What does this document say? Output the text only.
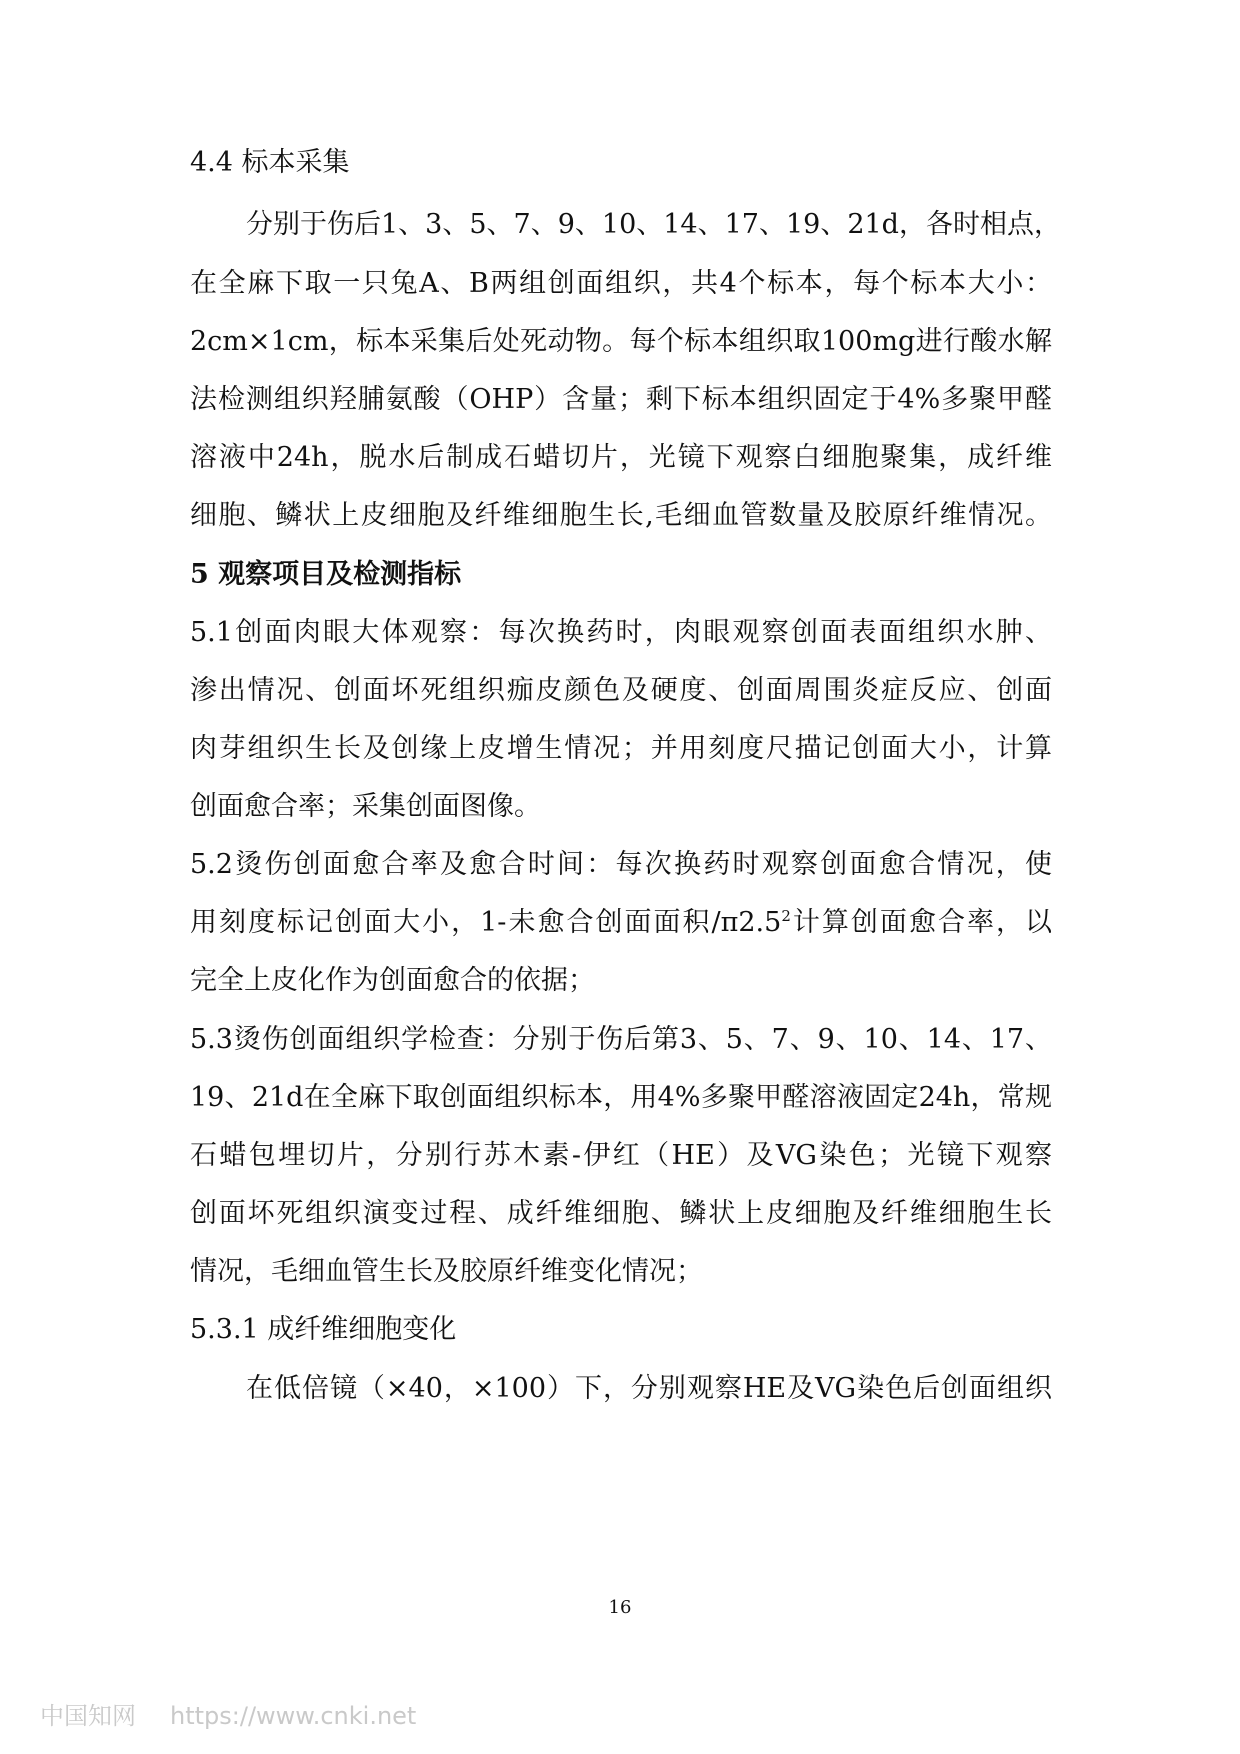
4.4 标本采集
分别于伤后1、3、5、7、9、10、14、17、19、21d，各时相点，
在全麻下取一只兔A、B两组创面组织，共4个标本，每个标本大小：
2cm×1cm，标本采集后处死动物。每个标本组织取100mg进行酸水解
法检测组织羟脯氨酸（OHP）含量；剩下标本组织固定于4%多聚甲醛
溶液中24h，脱水后制成石蜡切片，光镜下观察白细胞聚集，成纤维
细胞、鳞状上皮细胞及纤维细胞生长,毛细血管数量及胶原纤维情况。
5 观察项目及检测指标
5.1创面肉眼大体观察：每次换药时，肉眼观察创面表面组织水肿、
渗出情况、创面坏死组织痂皮颜色及硬度、创面周围炎症反应、创面
肉芽组织生长及创缘上皮增生情况；并用刻度尺描记创面大小，计算
创面愈合率；采集创面图像。
5.2烫伤创面愈合率及愈合时间：每次换药时观察创面愈合情况，使
用刻度标记创面大小，1-未愈合创面面积$/\pi 2.5^2$计算创面愈合率，以
完全上皮化作为创面愈合的依据；
5.3烫伤创面组织学检查：分别于伤后第3、5、7、9、10、14、17、
19、21d在全麻下取创面组织标本，用4%多聚甲醛溶液固定24h，常规
石蜡包埋切片，分别行苏木素-伊红（HE）及VG染色；光镜下观察
创面坏死组织演变过程、成纤维细胞、鳞状上皮细胞及纤维细胞生长
情况，毛细血管生长及胶原纤维变化情况；
5.3.1 成纤维细胞变化
在低倍镜（×40，×100）下，分别观察HE及VG染色后创面组织
16
中国知网 https://www.cnki.net
